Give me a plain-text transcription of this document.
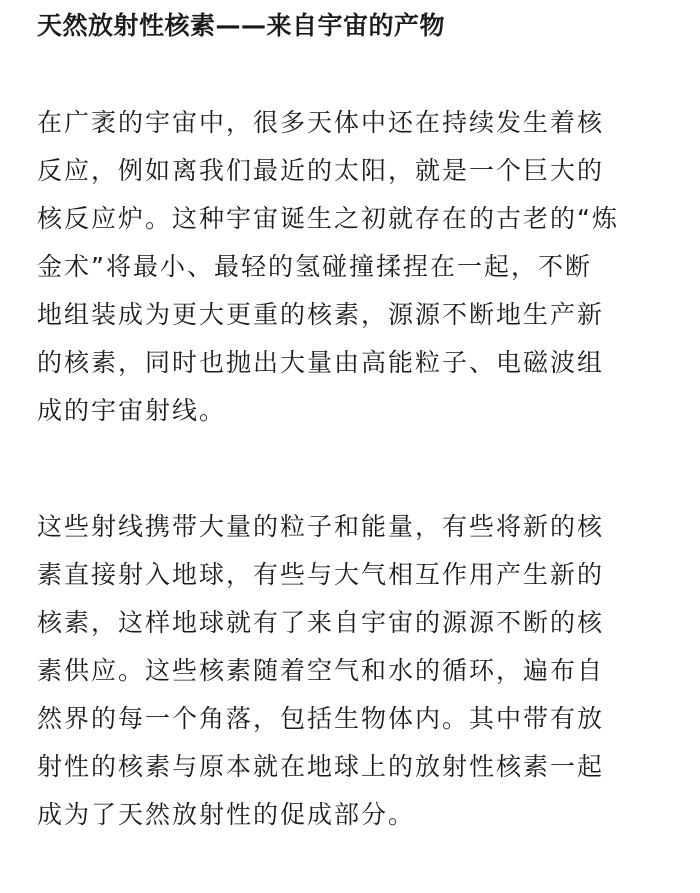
天然放射性核素——来自宇宙的产物

在广袤的宇宙中，很多天体中还在持续发生着核
反应，例如离我们最近的太阳，就是一个巨大的
核反应炉。这种宇宙诞生之初就存在的古老的“炼
金术”将最小、最轻的氢碰撞揉捏在一起，不断
地组装成为更大更重的核素，源源不断地生产新
的核素，同时也抛出大量由高能粒子、电磁波组
成的宇宙射线。

这些射线携带大量的粒子和能量，有些将新的核
素直接射入地球，有些与大气相互作用产生新的
核素，这样地球就有了来自宇宙的源源不断的核
素供应。这些核素随着空气和水的循环，遍布自
然界的每一个角落，包括生物体内。其中带有放
射性的核素与原本就在地球上的放射性核素一起
成为了天然放射性的促成部分。
